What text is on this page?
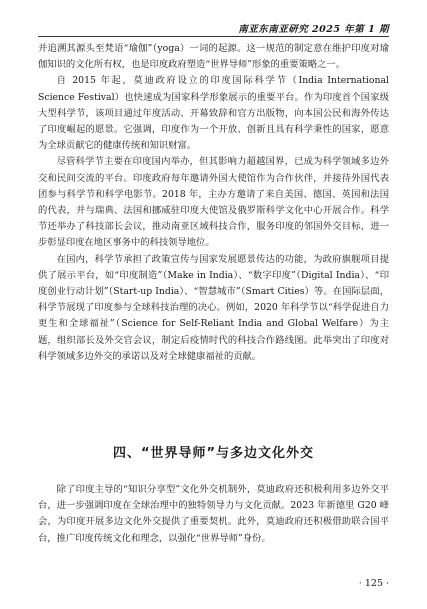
南亚东南亚研究 2025 年第 1 期

并追溯其源头至梵语“瑜伽”（yoga）一词的起源。这一规范的制定意在维护印度对瑜伽知识的文化所有权，也是印度政府塑造“世界导师”形象的重要策略之一。

自 2015 年起，莫迪政府设立的印度国际科学节（India International Science Festival）也快速成为国家科学形象展示的重要平台。作为印度首个国家级大型科学节，该项目通过年度活动、开幕致辞和官方出版物，向本国公民和海外传达了印度崛起的愿景。它强调，印度作为一个开放、创新且具有科学秉性的国家，愿意为全球贡献它的健康传统和知识财富。

尽管科学节主要在印度国内举办，但其影响力超越国界，已成为科学领域多边外交和民间交流的平台。印度政府每年邀请外国大使馆作为合作伙伴，并接待外国代表团参与科学节和科学电影节。2018 年，主办方邀请了来自美国、德国、英国和法国的代表，并与瑞典、法国和挪威驻印度大使馆及俄罗斯科学文化中心开展合作。科学节还举办了科技部长会议，推动南亚区域科技合作，服务印度的邻国外交目标，进一步彰显印度在地区事务中的科技领导地位。

在国内，科学节承担了政策宣传与国家发展愿景传达的功能，为政府旗舰项目提供了展示平台，如“印度制造”（Make in India）、“数字印度”（Digital India）、“印度创业行动计划”（Start-up India）、“智慧城市”（Smart Cities）等。在国际层面，科学节展现了印度参与全球科技治理的决心。例如，2020 年科学节以“科学促进自力更生和全球福祉”（Science for Self-Reliant India and Global Welfare）为主题，组织部长及外交官会议，制定后疫情时代的科技合作路线图。此举突出了印度对科学领域多边外交的承诺以及对全球健康福祉的贡献。

四、“世界导师”与多边文化外交

除了印度主导的“知识分享型”文化外交机制外，莫迪政府还积极利用多边外交平台，进一步强调印度在全球治理中的独特领导力与文化贡献。2023 年新德里 G20 峰会，为印度开展多边文化外交提供了重要契机。此外，莫迪政府还积极借助联合国平台，推广印度传统文化和理念，以强化“世界导师”身份。

· 125 ·
